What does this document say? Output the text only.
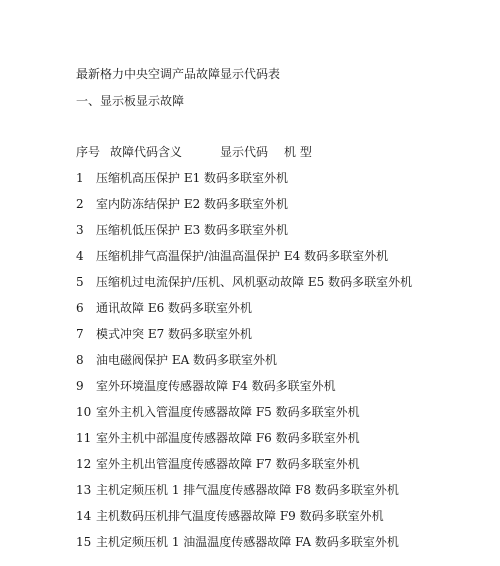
最新格力中央空调产品故障显示代码表
一、显示板显示故障
序号 故障代码含义	显示代码 机 型
1 压缩机高压保护 E1 数码多联室外机
2 室内防冻结保护 E2 数码多联室外机
3 压缩机低压保护 E3 数码多联室外机
4 压缩机排气高温保护/油温高温保护 E4 数码多联室外机
5 压缩机过电流保护/压机、风机驱动故障 E5 数码多联室外机
6 通讯故障 E6 数码多联室外机
7 模式冲突 E7 数码多联室外机
8 油电磁阀保护 EA 数码多联室外机
9 室外环境温度传感器故障 F4 数码多联室外机
10 室外主机入管温度传感器故障 F5 数码多联室外机
11 室外主机中部温度传感器故障 F6 数码多联室外机
12 室外主机出管温度传感器故障 F7 数码多联室外机
13 主机定频压机 1 排气温度传感器故障 F8 数码多联室外机
14 主机数码压机排气温度传感器故障 F9 数码多联室外机
15 主机定频压机 1 油温温度传感器故障 FA 数码多联室外机
